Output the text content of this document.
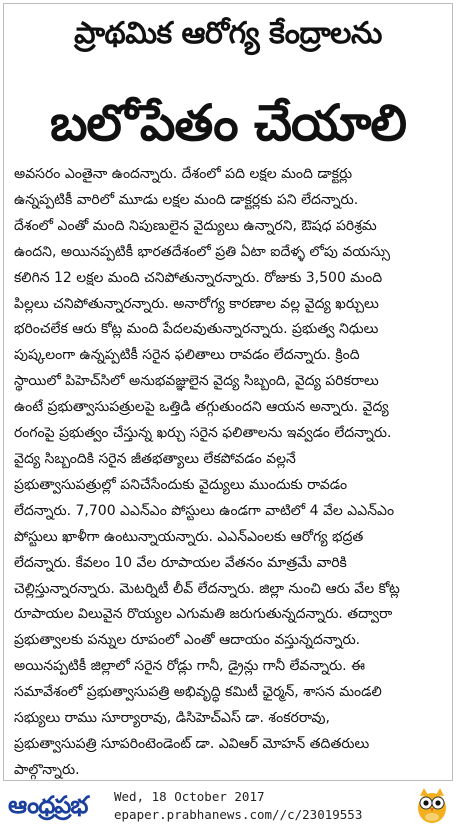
ప్రాథమిక ఆరోగ్య కేంద్రాలను
బలోపేతం చేయాలి
అవసరం ఎంతైనా ఉందన్నారు. దేశంలో పది లక్షల మంది డాక్టర్లు
ఉన్నప్పటికీ వారిలో మూడు లక్షల మంది డాక్టర్లకు పని లేదన్నారు.
దేశంలో ఎంతో మంది నిపుణులైన వైద్యులు ఉన్నారని, ఔషధ పరిశ్రమ
ఉందని, అయినప్పటికీ భారతదేశంలో ప్రతి ఏటా ఐదేళ్ళ లోపు వయస్సు
కలిగిన 12 లక్షల మంది చనిపోతున్నారన్నారు. రోజుకు 3,500 మంది
పిల్లలు చనిపోతున్నారన్నారు. అనారోగ్య కారణాల వల్ల వైద్య ఖర్చులు
భరించలేక ఆరు కోట్ల మంది పేదలవుతున్నారన్నారు. ప్రభుత్వ నిధులు
పుష్కలంగా ఉన్నప్పటికీ సరైన ఫలితాలు రావడం లేదన్నారు. క్రింది
స్థాయిలో పిహెచ్‌సిలో అనుభవజ్ఞులైన వైద్య సిబ్బంది, వైద్య పరికరాలు
ఉంటే ప్రభుత్వాసుపత్రులపై ఒత్తిడి తగ్గుతుందని ఆయన అన్నారు. వైద్య
రంగంపై ప్రభుత్వం చేస్తున్న ఖర్చు సరైన ఫలితాలను ఇవ్వడం లేదన్నారు.
వైద్య సిబ్బందికి సరైన జీతభత్యాలు లేకపోవడం వల్లనే
ప్రభుత్వాసుపత్రుల్లో పనిచేసేందుకు వైద్యులు ముందుకు రావడం
లేదన్నారు. 7,700 ఎఎన్‌ఎం పోస్టులు ఉండగా వాటిలో 4 వేల ఎఎన్‌ఎం
పోస్టులు ఖాళీగా ఉంటున్నాయన్నారు. ఎఎన్‌ఎంలకు ఆరోగ్య భద్రత
లేదన్నారు. కేవలం 10 వేల రూపాయల వేతనం మాత్రమే వారికి
చెల్లిస్తున్నారన్నారు. మెటర్నిటీ లీవ్ లేదన్నారు. జిల్లా నుంచి ఆరు వేల కోట్ల
రూపాయల విలువైన రొయ్యల ఎగుమతి జరుగుతున్నదన్నారు. తద్వారా
ప్రభుత్వాలకు పన్నుల రూపంలో ఎంతో ఆదాయం వస్తున్నదన్నారు.
అయినప్పటికీ జిల్లాలో సరైన రోడ్లు గానీ, డ్రైన్లు గానీ లేవన్నారు. ఈ
సమావేశంలో ప్రభుత్వాసుపత్రి అభివృద్ధి కమిటీ ఛైర్మన్, శాసన మండలి
సభ్యులు రాము సూర్యారావు, డిసిహెచ్ఎస్ డా. శంకరరావు,
ప్రభుత్వాసుపత్రి సూపరింటెండెంట్ డా. ఎవిఆర్ మోహన్ తదితరులు
పాల్గొన్నారు.
ఆంధ్రప్రభ Wed, 18 October 2017
epaper.prabhanews.com//c/23019553
